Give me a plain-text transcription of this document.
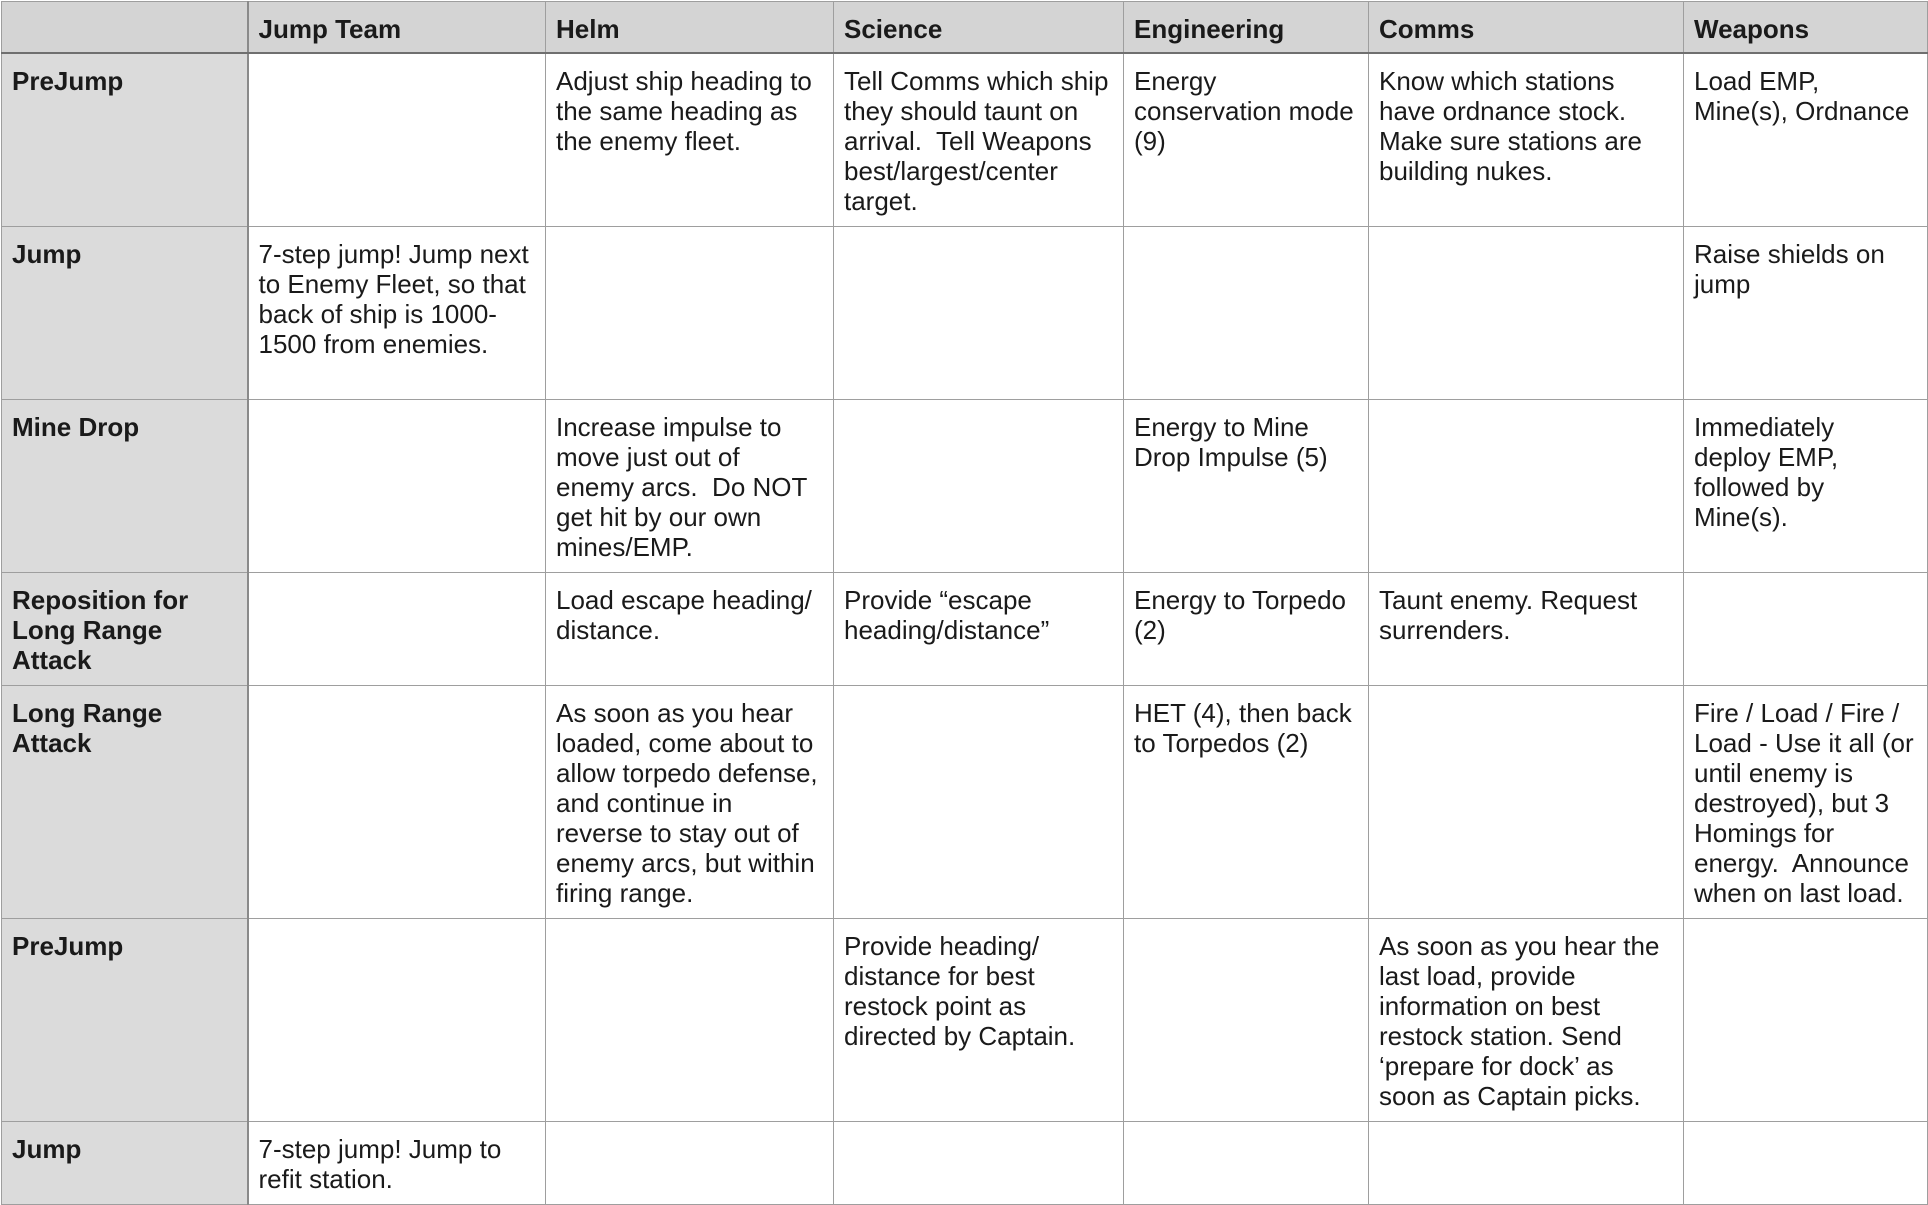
	Jump Team	Helm	Science	Engineering	Comms	Weapons
PreJump		Adjust ship heading to the same heading as the enemy fleet.	Tell Comms which ship they should taunt on arrival.  Tell Weapons best/largest/center target.	Energy conservation mode (9)	Know which stations have ordnance stock.  Make sure stations are building nukes.	Load EMP, Mine(s), Ordnance
Jump	7-step jump! Jump next to Enemy Fleet, so that back of ship is 1000-1500 from enemies.					Raise shields on jump
Mine Drop		Increase impulse to move just out of enemy arcs.  Do NOT get hit by our own mines/EMP.		Energy to Mine Drop Impulse (5)		Immediately deploy EMP, followed by Mine(s).
Reposition for Long Range Attack		Load escape heading/ distance.	Provide “escape heading/distance”	Energy to Torpedo (2)	Taunt enemy. Request surrenders.	
Long Range Attack		As soon as you hear loaded, come about to allow torpedo defense, and continue in reverse to stay out of enemy arcs, but within firing range.		HET (4), then back to Torpedos (2)		Fire / Load / Fire / Load - Use it all (or until enemy is destroyed), but 3 Homings for energy.  Announce when on last load.
PreJump			Provide heading/ distance for best restock point as directed by Captain.		As soon as you hear the last load, provide information on best restock station. Send ‘prepare for dock’ as soon as Captain picks.	
Jump	7-step jump! Jump to refit station.					
